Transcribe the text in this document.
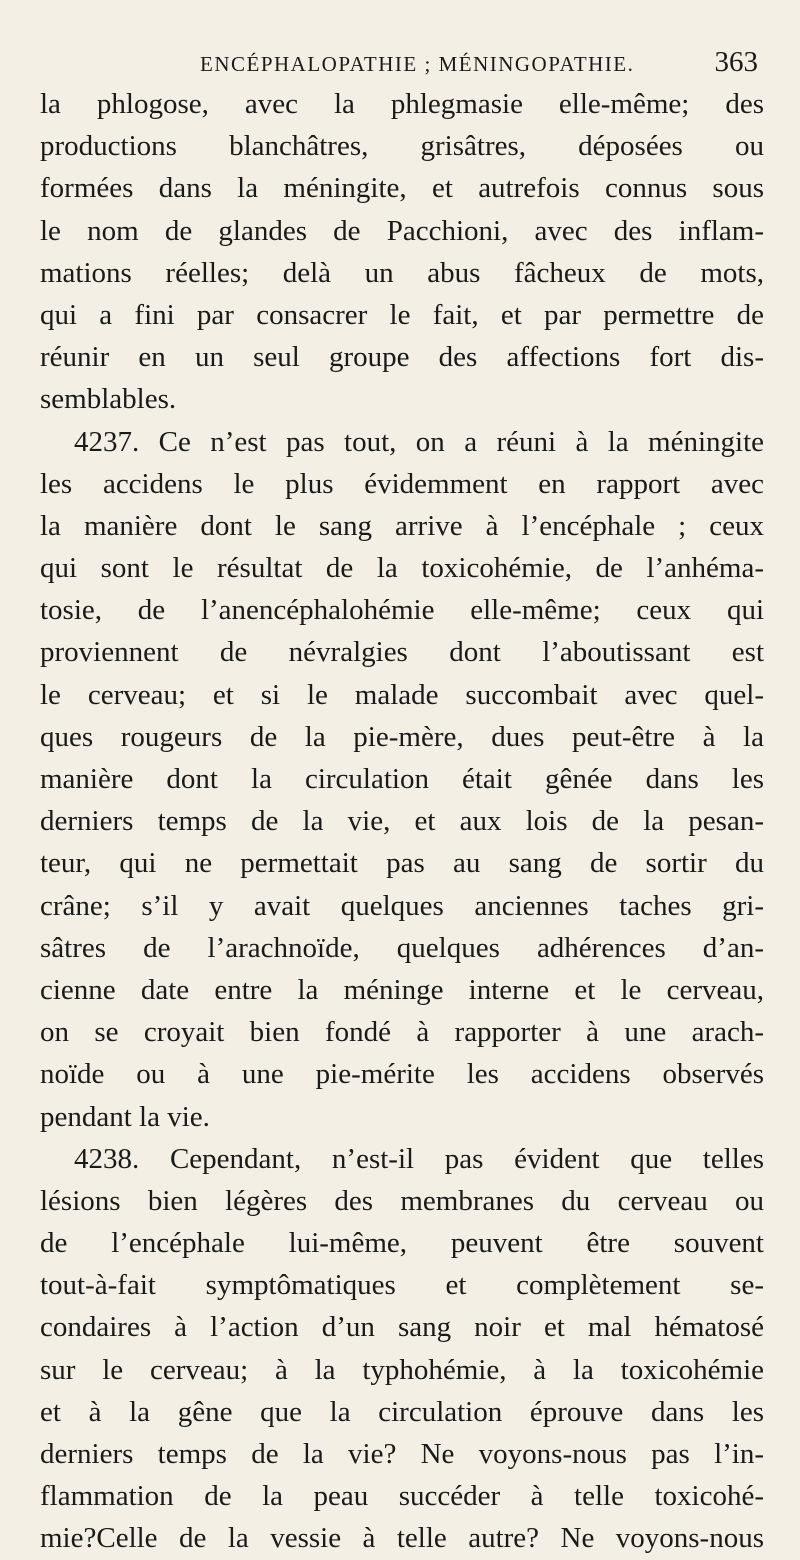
ENCÉPHALOPATHIE ; MÉNINGOPATHIE.	363
la phlogose, avec la phlegmasie elle-même; des
productions blanchâtres, grisâtres, déposées ou
formées dans la méningite, et autrefois connus sous
le nom de glandes de Pacchioni, avec des inflam-
mations réelles; delà un abus fâcheux de mots,
qui a fini par consacrer le fait, et par permettre de
réunir en un seul groupe des affections fort dis-
semblables.
4237. Ce n’est pas tout, on a réuni à la méningite
les accidens le plus évidemment en rapport avec
la manière dont le sang arrive à l’encéphale ; ceux
qui sont le résultat de la toxicohémie, de l’anhéma-
tosie, de l’anencéphalohémie elle-même; ceux qui
proviennent de névralgies dont l’aboutissant est
le cerveau; et si le malade succombait avec quel-
ques rougeurs de la pie-mère, dues peut-être à la
manière dont la circulation était gênée dans les
derniers temps de la vie, et aux lois de la pesan-
teur, qui ne permettait pas au sang de sortir du
crâne; s’il y avait quelques anciennes taches gri-
sâtres de l’arachnoïde, quelques adhérences d’an-
cienne date entre la méninge interne et le cerveau,
on se croyait bien fondé à rapporter à une arach-
noïde ou à une pie-mérite les accidens observés
pendant la vie.
4238. Cependant, n’est-il pas évident que telles
lésions bien légères des membranes du cerveau ou
de l’encéphale lui-même, peuvent être souvent
tout-à-fait symptômatiques et complètement se-
condaires à l’action d’un sang noir et mal hématosé
sur le cerveau; à la typhohémie, à la toxicohémie
et à la gêne que la circulation éprouve dans les
derniers temps de la vie? Ne voyons-nous pas l’in-
flammation de la peau succéder à telle toxicohé-
mie?Celle de la vessie à telle autre? Ne voyons-nous
